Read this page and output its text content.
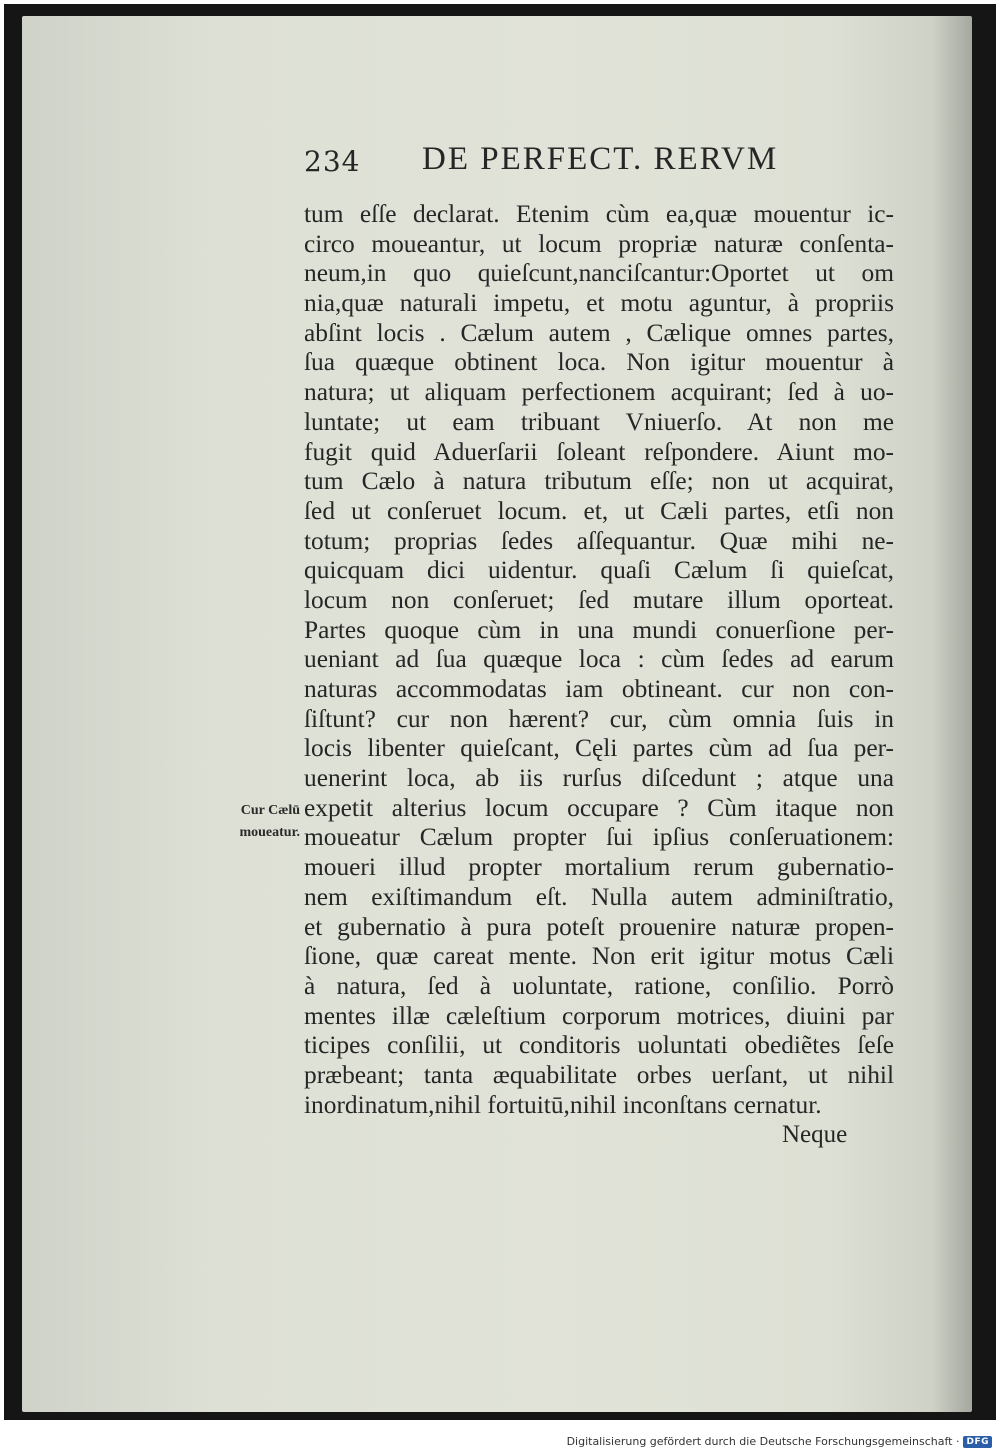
234 DE PERFECT. RERVM
Cur Cælū
moueatur.
tum eſſe declarat. Etenim cùm ea,quæ mouentur ic-
circo moueantur, ut locum propriæ naturæ conſenta-
neum,in quo quieſcunt,nanciſcantur:Oportet ut om
nia,quæ naturali impetu, et motu aguntur, à propriis
abſint locis . Cælum autem , Cælique omnes partes,
ſua quæque obtinent loca. Non igitur mouentur à
natura; ut aliquam perfectionem acquirant; ſed à uo-
luntate; ut eam tribuant Vniuerſo. At non me
fugit quid Aduerſarii ſoleant reſpondere. Aiunt mo-
tum Cælo à natura tributum eſſe; non ut acquirat,
ſed ut conſeruet locum. et, ut Cæli partes, etſi non
totum; proprias ſedes aſſequantur. Quæ mihi ne-
quicquam dici uidentur. quaſi Cælum ſi quieſcat,
locum non conſeruet; ſed mutare illum oporteat.
Partes quoque cùm in una mundi conuerſione per-
ueniant ad ſua quæque loca : cùm ſedes ad earum
naturas accommodatas iam obtineant. cur non con-
ſiſtunt? cur non hærent? cur, cùm omnia ſuis in
locis libenter quieſcant, Cęli partes cùm ad ſua per-
uenerint loca, ab iis rurſus diſcedunt ; atque una
expetit alterius locum occupare ? Cùm itaque non
moueatur Cælum propter ſui ipſius conſeruationem:
moueri illud propter mortalium rerum gubernatio-
nem exiſtimandum eſt. Nulla autem adminiſtratio,
et gubernatio à pura poteſt prouenire naturæ propen-
ſione, quæ careat mente. Non erit igitur motus Cæli
à natura, ſed à uoluntate, ratione, conſilio. Porrò
mentes illæ cæleſtium corporum motrices, diuini par
ticipes conſilii, ut conditoris uoluntati obediẽtes ſeſe
præbeant; tanta æquabilitate orbes uerſant, ut nihil
inordinatum,nihil fortuitū,nihil inconſtans cernatur.
Neque
Digitalisierung gefördert durch die Deutsche Forschungsgemeinschaft · DFG
